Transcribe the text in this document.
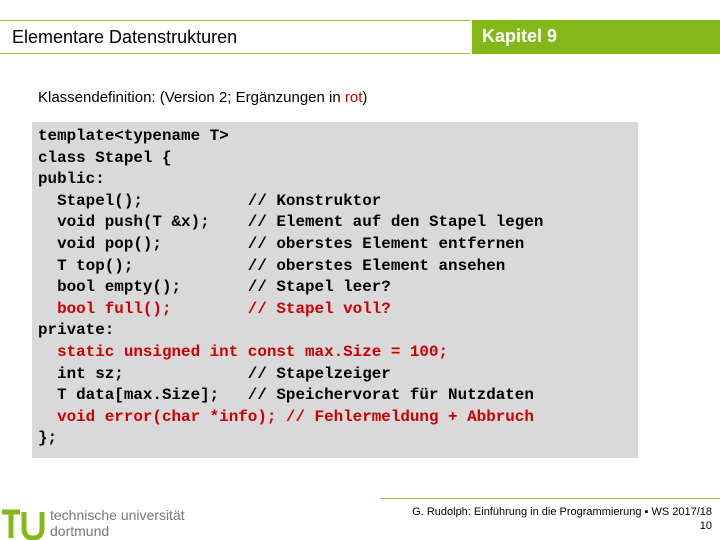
Elementare Datenstrukturen	Kapitel 9
Klassendefinition: (Version 2; Ergänzungen in rot)
template<typename T>
class Stapel {
public:
Stapel();           // Konstruktor
void push(T &x);    // Element auf den Stapel legen
void pop();         // oberstes Element entfernen
T top();            // oberstes Element ansehen
bool empty();       // Stapel leer?
bool full();        // Stapel voll?
private:
static unsigned int const max.Size = 100;
int sz;             // Stapelzeiger
T data[max.Size];   // Speichervorat für Nutzdaten
void error(char *info); // Fehlermeldung + Abbruch
};
technische universität
dortmund
G. Rudolph: Einführung in die Programmierung ▪ WS 2017/18
10
